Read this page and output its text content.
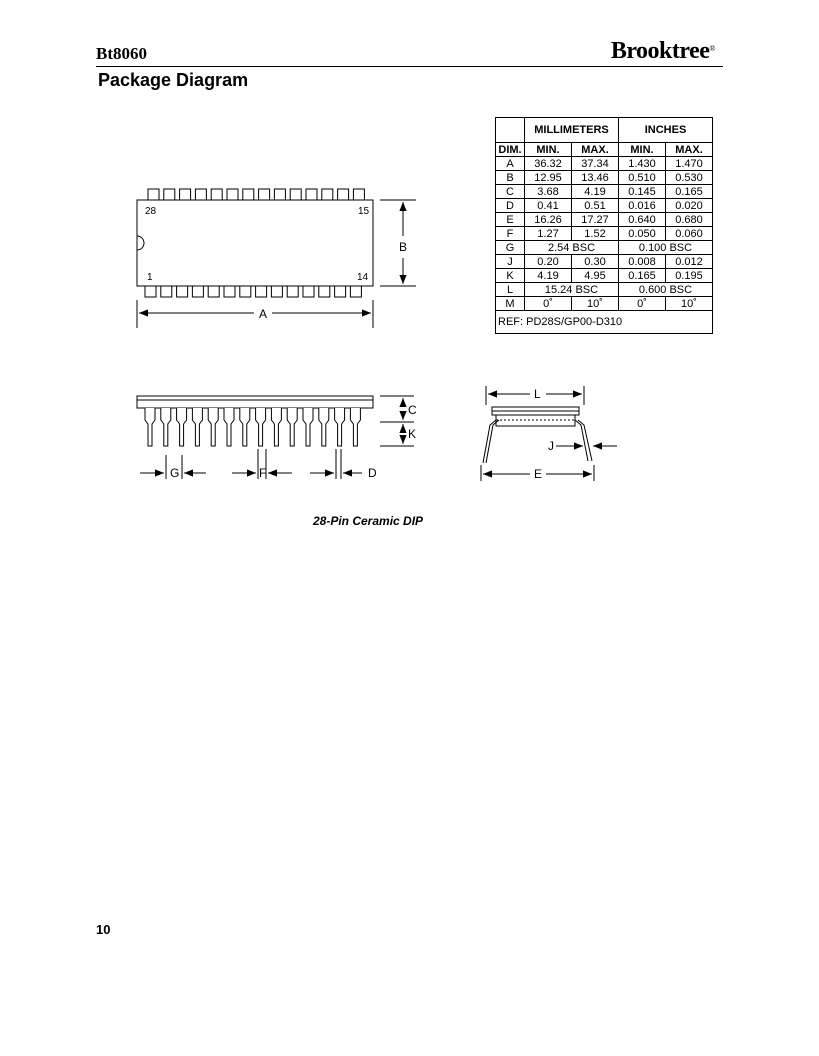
Bt8060	Brooktree®
Package Diagram
	MILLIMETERS		INCHES	
DIM.	MIN.	MAX.	MIN.	MAX.
A	36.32	37.34	1.430	1.470
B	12.95	13.46	0.510	0.530
C	3.68	4.19	0.145	0.165
D	0.41	0.51	0.016	0.020
E	16.26	17.27	0.640	0.680
F	1.27	1.52	0.050	0.060
G	2.54 BSC		0.100 BSC	
J	0.20	0.30	0.008	0.012
K	4.19	4.95	0.165	0.195
L	15.24 BSC		0.600 BSC	
M	0˚	10˚	0˚	10˚
REF: PD28S/GP00-D310				
28	15
1	14
B
A
C
K
G	F	D
L
J
E
28-Pin Ceramic DIP
10
